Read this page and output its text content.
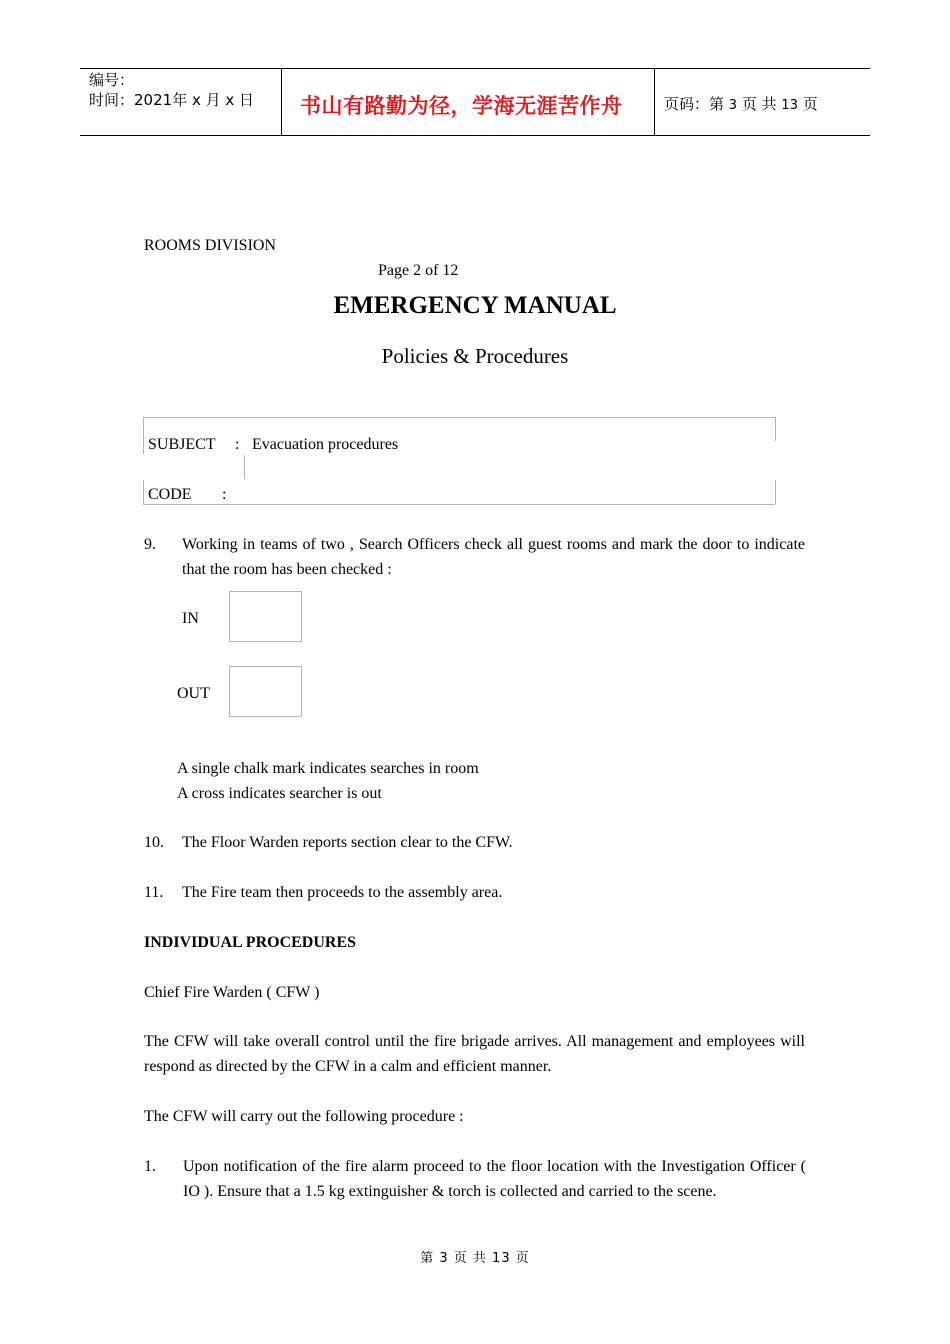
编号：
时间：2021年 x 月 x 日 书山有路勤为径，学海无涯苦作舟	页码：第 3 页 共 13 页
ROOMS DIVISION
Page 2 of 12
EMERGENCY MANUAL
Policies & Procedures
SUBJECT : Evacuation procedures
CODE :
9. Working in teams of two , Search Officers check all guest rooms and mark the door to indicate that the room has been checked :
IN
OUT
A single chalk mark indicates searches in room
A cross indicates searcher is out
10. The Floor Warden reports section clear to the CFW.
11. The Fire team then proceeds to the assembly area.
INDIVIDUAL PROCEDURES
Chief Fire Warden ( CFW )
The CFW will take overall control until the fire brigade arrives. All management and employees will respond as directed by the CFW in a calm and efficient manner.
The CFW will carry out the following procedure :
1. Upon notification of the fire alarm proceed to the floor location with the Investigation Officer ( IO ). Ensure that a 1.5 kg extinguisher & torch is collected and carried to the scene.
第 3 页 共 13 页
